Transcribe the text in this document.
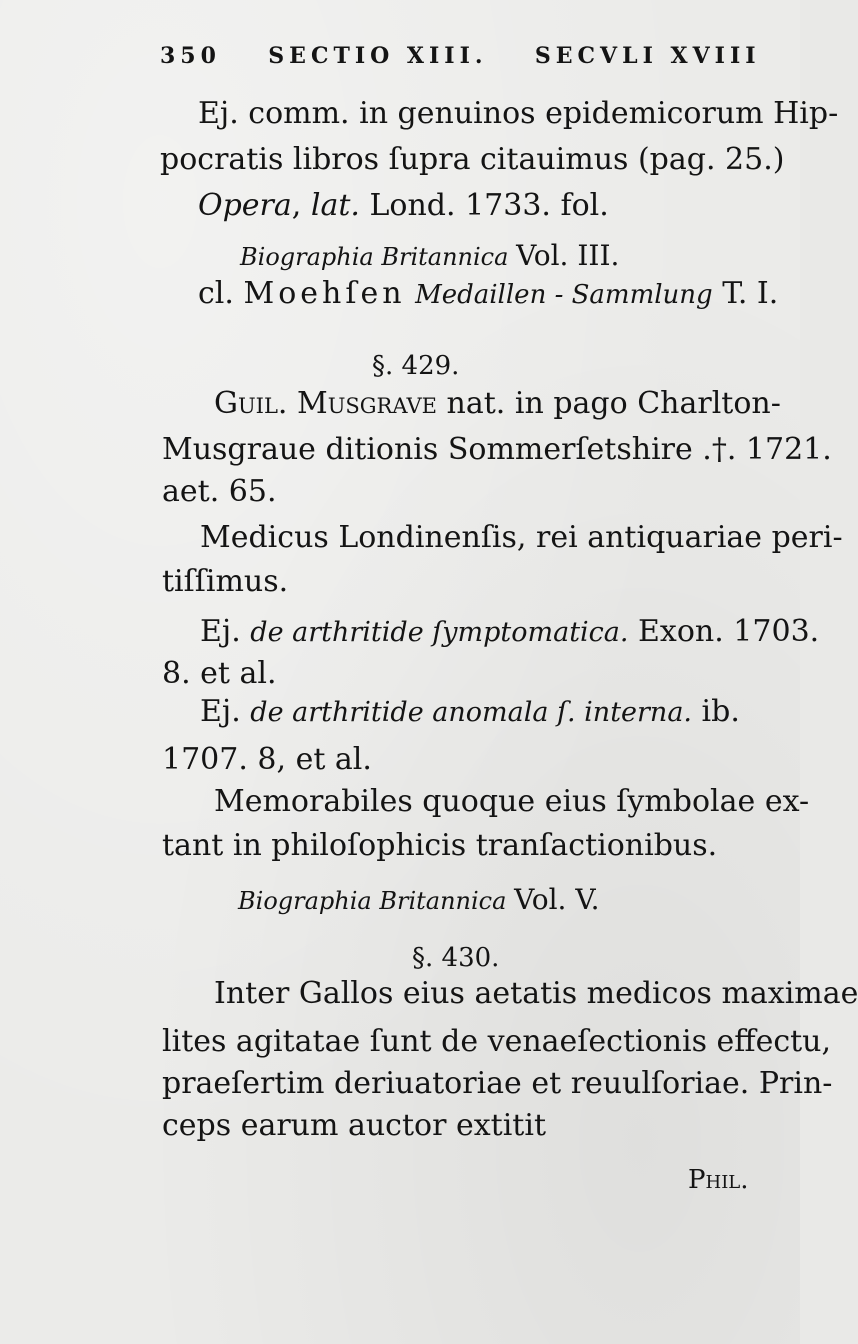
350 SECTIO XIII. SECVLI XVIII
Ej. comm. in genuinos epidemicorum Hip-
pocratis libros ſupra citauimus (pag. 25.)
Opera, lat. Lond. 1733. fol.
Biographia Britannica Vol. III.
cl. Moehſen Medaillen - Sammlung T. I.
§. 429.
Guil. Musgrave nat. in pago Charlton-
Musgraue ditionis Sommerſetshire .†. 1721.
aet. 65.
Medicus Londinenſis, rei antiquariae peri-
tiſſimus.
Ej. de arthritide ſymptomatica. Exon. 1703.
8. et al.
Ej. de arthritide anomala ſ. interna. ib.
1707. 8, et al.
Memorabiles quoque eius ſymbolae ex-
tant in philoſophicis tranſactionibus.
Biographia Britannica Vol. V.
§. 430.
Inter Gallos eius aetatis medicos maximae
lites agitatae ſunt de venaeſectionis effectu,
praeſertim deriuatoriae et reuulſoriae. Prin-
ceps earum auctor extitit
Phil.
